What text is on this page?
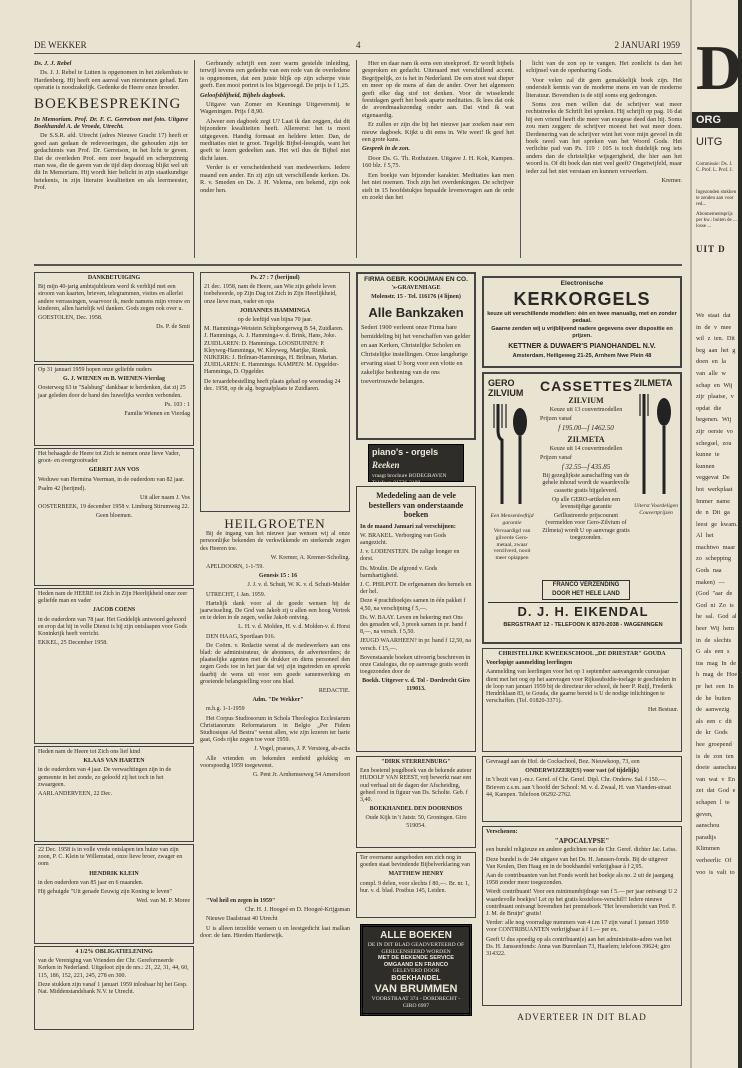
DE WEKKER	4	2 JANUARI 1959

Ds. J. J. Rebel

Ds. J. J. Rebel te Lutten is opgenomen in het ziekenhuis te Hardenberg. Hij heeft een aanval van nierstenen gehad. Een operatie is noodzakelijk. Gedenke de Heere onze broeder.

BOEKBESPREKING

In Memoriam. Prof. Dr. F. C. Gerretson met foto. Uitgave Boekhandel A. de Vroede, Utrecht.

De S.S.R. afd. Utrecht (adres Nieuwe Gracht 17) heeft er goed aan gedaan de redevoeringen, die gehouden zijn ter gedachtenis van Prof. Dr. Gerretson, in het licht te geven. Dat de overleden Prof. een zeer begaafd en scherpzinnig man was, die de gaven van de tijd diep doorzag blijkt wel uit dit In Memoriam. Hij wordt hier belicht in zijn staatkundige betekenis, in zijn literaire kwaliteiten en als leermeester, Prof.

Gerbrandy schrijft een zeer warm gestelde inleiding, terwijl tevens een gedeelte van een rede van de overledene is opgenomen, dat een juiste blijk op zijn scherpe visie geeft. Een mooi portret is los bijgevoegd. De prijs is f 1,25.

Geloofsblijheid, Bijbels dagboek.

Uitgave van Zomer en Keunings Uitgeversmij. te Wageningen. Prijs f 8,90.

Alweer een dagboek zegt U? Laat ik dan zeggen, dat dit bijzondere kwaliteiten heeft. Allereerst: het is mooi uitgegeven. Handig formaat en heldere letter. Dan, de meditaties niet te groot. Tegelijk Bijbel-leesgids, want het geeft te lezen gedeelten aan. Het wil dus de Bijbel niet dicht laten.

Verder is er verscheidenheid van medewerkers. Iedere maand een ander. En zij zijn uit verschillende kerken. Ds. R. v. Smeden en Ds. J. H. Velema, om bekend, zijn ook onder hen.

Hier en daar nam ik eens een steekproef. Er wordt bijbels gesproken en gedacht. Uiteraard met verschillend accent. Begrijpelijk, zo is het in Nederland. De een stoot wat dieper en meer op de mens af dan de ander. Over het algemeen geeft elke dag stof tot denken. Voor de wisselende feestdagen geeft het boek aparte meditaties. Ik lees dat ook de avondmaalszondag onder aan. Dat vind ik wat eigenaardig.

Er zullen er zijn die bij het nieuwe jaar zoeken naar een nieuw dagboek. Kijkt u dit eens in. Wie weet! Ik geef het een grote kans.

Gesprek in de zon.

Door Ds. G. Th. Rothuizen. Uitgave J. H. Kok, Kampen. 160 blz. f 5,75.

Een boekje van bijzonder karakter. Meditaties kan men het niet noemen. Toch zijn het overdenkingen. De schrijver stelt in 15 hoofdstukjes bepaalde levensvragen aan de orde en zoekt dan het

licht van de zon op te vangen. Het zonlicht is dan het schijnsel van de openbaring Gods.

Voor velen zal dit geen gemakkelijk boek zijn. Het onderstelt kennis van de moderne mens en van de moderne literatuur. Bovendien is de stijl soms erg gedrongen.

Soms zou men willen dat de schrijver wat meer rechtstreeks de Schrift liet spreken. Hij schrijft op pag. 16 dat hij een vriend heeft die meer van exegese deed dan hij. Soms zou men zeggen: de schrijver moeest het wat meer doen. Derdenering van de schrijver wint het voor mijn gevoel in dit boek ravel van het spreken van het Woord Gods. Het verlichte pad van Ps. 119 : 105 is toch duidelijk nog iets anders dan de christelijke wijsgerigheid, die hier aan het woord is. Of dit boek dan niet veel geeft? Ongetwijfeld, maar ieder zal het niet verstaan en kunnen verwerken.

Kremer.

DANKBETUIGING

Bij mijn 40-jarig ambtsjubileum werd ik verblijd met een stroom van kaarten, brieven, telegrammen, visites en allerlei andere verrassingen, waarvoor ik, mede namens mijn vrouw en kinderen, allen hartelijk wil danken. Gods zegen ook over u.

GOESTOLEN, Dec. 1958.

Ds. P. de Smit

Op 31 januari 1959 hopen onze geliefde ouders

G. J. WIENEN en B. WIENEN-Vierdag

Oosterweg 63 te "Salsburg" dankbaar te herdenken, dat zij 25 jaar geleden door de band des huwelijks werden verbonden.

Ps. 103 : 1

Familie Wienen en Vierdag

Het behaagde de Heere tot Zich te nemen onze lieve Vader, groot- en overgrootvader

GERRIT JAN VOS

Weduwe van Hermina Veerman, in de ouderdom van 82 jaar.

Psalm 42 (berijmd).

Uit aller naam J. Vos

OOSTERBEEK, 19 december 1958 v. Limburg Stirumweg 22.

Geen bloemen.

Heden nam de HEERE tot Zich in Zijn Heerlijkheid onze zeer geliefde man en vader

JACOB COENS

in de ouderdom van 78 jaar. Het Goddelijk antwoord gehoord en erop dat hij in volle Dienst is bij zijn ontslaapen voor Gods Koninkrijk heeft verricht.

EKKEL, 25 December 1958.

Heden nam de Heere tot Zich ons lief kind

KLAAS VAN HARTEN

in de ouderdom van 4 jaar. De verwachtingen zijn in de gemeente in het zonde, zo geloofd zij het toch in het zwaargeen.

AARLANDERVEEN, 22 Dec.

22 Dec. 1958 is in volle vrede ontslapen ten huize van zijn zoon, P. C. Klein te Willemstad, onze lieve broer, zwager en oom

HENDRIK KLEIN

in den ouderdom van 85 jaar en 6 maanden.

Hij gehuigde "Uit genade Eeuwig zijn Koning te leven"

Wed. van M. P. Moree

4 1/2% OBLIGATIELENING

van de Vereniging van Vrienden der Chr. Gereformeerde Kerken in Nederland. Uitgeloot zijn de nrs.: 21, 22, 31, 44, 60, 115, 186, 152, 221, 245, 278 en 300.

Deze stukken zijn vanaf 1 januari 1959 inlosbaar bij het Gesp. Nat. Middenstandsbank N.V. te Utrecht.

Ps. 27 : 7 (berijmd)

21 dec. 1958, nam de Heere, aan Wie zijn gehele leven toebehoorde, op Zijn Dag tot Zich in Zijn Heerlijkheid, onze lieve man, vader en opa

JOHANNES HAMMINGA

op de leeftijd van bijna 70 jaar.

M. Hamminga-Wetstein Schipborgerweg B 54, Zuidlaren. J. Hamminga, A. J. Hamminga-v. d. Brink, Hans, Joke. ZUIDLAREN: D. Hamminga. LOOSDUINEN: P. Kleyweg-Hamminga, W. Kleyweg, Marijke, Rienk. NIJKERK: J. Brilman-Hamminga, H. Brilman, Marian. ZUIDLAREN: E. Hamminga. KAMPEN: M. Opgelder-Hamminga, D. Opgelder.

De teraardebestelling heeft plaats gehad op woensdag 24 dec. 1958, op de alg. begraafplaats te Zuidlaren.

HEILGROETEN

Bij de ingang van het nieuwe jaar wensen wij al onze persoonlijke bekenden de verkwikkende en sterkende zegen des Heeren toe.

W. Kremer, A. Kremer-Scholing.

APELDOORN, 1-1-'59.

Genesis 15 : 16

J. J. v. d. Schuit, W. K. v. d. Schuit-Mulder

UTRECHT, 1 Jan. 1959.

Hartelijk dank voor al de goede wensen bij de jaarwisseling. De God van Jakob zij u allen een hoog Vertrek en te delen in de zegen, welke Jakob ontving.

L. H. v. d. Molden, H. v. d. Molden-v. d. Horst

DEN HAAG, Sportlaan 916.

De Coörn. v. Redactie wenst al de medewerkers aan ons blad: de administrateur, de abonnees, de adverteerders; de plaatselijke agenten met de drukker en diens personeel den zegen Gods toe in het jaar dat wij zijn ingetreden en spreekt daarbij de wens uit voor een goede samenwerking en groeiende belangstelling voor ons blad.

REDACTIE.

Adm. "De Wekker"

m.h.g. 1-1-1959

Het Corpus Studiosorum in Schola Theologica Ecclesiarum Christianorum Reformatarum in Belgio „Per Fidem Studiosique Ad Bestra" wenst allen, wie zijn lezeren ter harte gaat, Gods rijke zegen toe voor 1959.

J. Vogel, praeses, J. P. Versteeg, ab-actis

Alle vrienden en bekenden eenheid gelukkig en voorspoedig 1959 toegewenst.

G. Pent Jr. Arnhemseweg 54 Amersfoort

"Vol heil en zegen in 1959"

Chr. H. J. Hoogeé en D. Hoogeé-Krijgsman

Nieuwe Daalstraat 40 Utrecht

U is alleen terzelfde wensen u en leestgedicht laat malkan door: de fam. Hierden Harderwijk.

FIRMA GEBR. KOOIJMAN EN CO.

's-GRAVENHAGE

Molenstr. 15 - Tel. 116176 (4 lijnen)

Alle Bankzaken

Sedert 1900 verleent onze Firma hare bemiddeling bij het verschaffen van gelder en aan Kerken, Christelijke Scholen en Christelijke instellingen. Onze langdurige ervaring staat U borg voor een vlotte en zakelijke bediening van de ons toevertrouwde belangen.

piano's - orgels

Reeken

vraagt brochure BODEGRAVEN Telefoon 01726-2188

Mededeling aan de vele bestellers van onderstaande boeken

In de maand Januari zal verschijnen:

W. BRAKEL. Verborging van Gods aangezicht.

J. v. LODENSTEIN. De zalige honger en dorst.

Ds. Moulin. De afgrond v. Gods barmhartigheid.

J. C. PHILPOT. De erfgenamen des hemels en der hel.

Deze 4 prachtboekjes samen in één pakket f 4,50, na verschijning f 5,—.

Ds. W. BAAY. Leven en bekering met Ons des genaden wil, 3 preek samen in pr. band f 8,—, na versch. f 5,50.

JEUGD WAARHEEN? in pr. band f 12,50, na versch. f 15,—.

Bovenstaande boeken uitvoerig beschreven in onze Catalogus, die op aanvrage gratis wordt toegezonden door de

Boekh. Uitgever v. d. Tol - Dordrecht Giro 119013.

"DIRK STERRENBURG"

Een boeiend jeugdboek van de bekende auteur HUDOLF VAN REEST, vrij bewerkt naar een oud verhaal uit de dagen der Afscheiding, geheel rood in figuur van Ds. Scholte. Geb. f 3,40.

BOEKHANDEL DEN DOORNBOS

Oude Kijk in 't Jatstr. 50, Groningen. Giro 519054.

Ter overname aangeboden een zich nog in goeden staat bevindende Bijbelverklaring van

MATTHEW HENRY

compl. 9 delen, voor slechts f 80,—. Br. nr. 1, bur. v. d. blad. Postbus 145, Leiden.

ALLE BOEKEN

DE IN DIT BLAD GEADVERTEERD OF GERECENSEERD WORDEN

MET DE BEKENDE SERVICE

OMGAAND EN FRANCO

GELEVERD DOOR

BOEKHANDEL

VAN BRUMMEN

VOORSTRAAT 374 - DORDRECHT - GIRO 6997

Electronische

KERKORGELS

keuze uit verschillende modellen: één en twee manualig, met en zonder pedaal.

Gaarne zenden wij u vrijblijvend nadere gegevens over dispositie en prijzen.

KETTNER & DUWAER'S PIANOHANDEL N.V.

Amsterdam, Heiligeweg 21-25, Arnhem Nwe Plein 48

GERO ZILVIUM

Een Mensenleeftijd garantie

Vervaardigd van gilverde Gero-metaal, zwaar verzilverd, nooit meer oplappen

CASSETTES

ZILVIUM

Keuze uit 13 couvertmodellen

Prijzen vanaf

f 195.00—f 1462.50

ZILMETA

Keuze uit 14 couvertmodellen

Prijzen vanaf

f 32.55—f 435.85

Bij gezeglijkste aanschaffing van de gehele inhoud wordt de waardevolle cassette gratis bijgeleverd.

Op alle GERO-artikelen een levenstijdige garantie

Geïllustreerde prijscourant (vermelden voor Gero-Zilvium of Zilmeta) wordt U op aanvrage gratis toegezonden.

ZILMETA

Uiterst Voordeligen Couvertprijzen

FRANCO VERZENDING DOOR HET HELE LAND

D. J. H. EIKENDAL

BERGSTRAAT 12 - TELEFOON K 8370-2038 - WAGENINGEN

CHRISTELIJKE KWEEKSCHOOL „DE DRIESTAR" GOUDA

Voorlopige aanmelding leerlingen

Aanmelding van leerlingen voor het op 1 september aanvangende cursusjaar dient met het oog op het aanvragen voor Rijkssubsidie-toelage te geschieden in de loop van januari 1959 bij de directeur der school, de heer P. Ruijl, Frederik Hendriklaan 83, te Gouda, die gaarne bereid is U de nodige inlichtingen te verschaffen. (Tel. 01820-3371).

Het Bestuur.

Gevraagd aan de Hof. de Cockschool, Boz. Nieuwkoop, 73, een

ONDERWIJZER(ES) voor vast (of tijdelijk)

in 't bezit van j.-m.r. Geref. of Chr. Geref. Dipl. Chr. Onderw. Sal. f 150.—. Brieven z.s.m. aan 't hoofd der School: M. v. d. Zwaal, H. van Vianden-straat 44, Kampen. Telefoon 06292-2762.

Verschenen:

"APOCALYPSE"

een bundel religieuze en andere gedichten van de Chr. Geref. dichter Jac. Leiss.

Deze bundel is de 24e uitgave van het Ds. H. Janssen-fonds. Bij de uitgever Van Keulen, Den Haag en in de boekhandel verkrijgbaar à f 2,95.

Aan de contribuanten van het Fonds wordt het boekje als no. 2 uit de jaargang 1958 zonder meer toegezonden.

Wordt contribuant! Voor een minimumbijdrage van f 5.— per jaar ontvangt U 2 waardevolle boekjes! Let op het gratis kosteloos-verschil!! Iedere nieuwe contribuant ontvangt bovendien het premieboek "Het levensbericht van Prof. F. J. M. de Bruijn" gratis!

Verder: alle nog voorradige nummers van 4 t.m 17 zijn vanaf 1 januari 1959 voor CONTRIBUANTEN verkrijgbaar à f 1.— per ex.

Geeft U dus spoedig op als contribuant(e) aan het administratie-adres van het Ds. H. Janssenfonds: Anna van Burenlaan 73, Haarlem; telefoon 39624; giro 314322.

ADVERTEER IN DIT BLAD
D
ORG
UITG
Commissie: Ds. J. C. Prof. L. Prof. J.
Ingezonden stukken te zenden aan voor red...
Abonnementsprijs per kw.: buiten de ... losse ...
UIT D
We staat dat in de v mee wil z ten. Dit beg aan het g doen en la van alle w schap en Wij zijr plaatse, v opdat die begenen. Wij zijr oerste vo schegsel, zou kunne te kunnen veggevat De hot werkplaat Immer name de n Dit ga leest ge kwam. Al het machtwo maar zo schepping Gods naa maken) — (God "aar de God ni Zo is he sal. God al heer Wij hem in de slechts G als een s tus mag In de h mag de Hoe pr het een In de he buiten de aanwezig als een c dit de kr Gods hee groepend is de zon ten doeie aanschau van wat v En zet dat God e schapen l te geven, aanschou paradijs Klimmen verheerlic Of voo is valt to
